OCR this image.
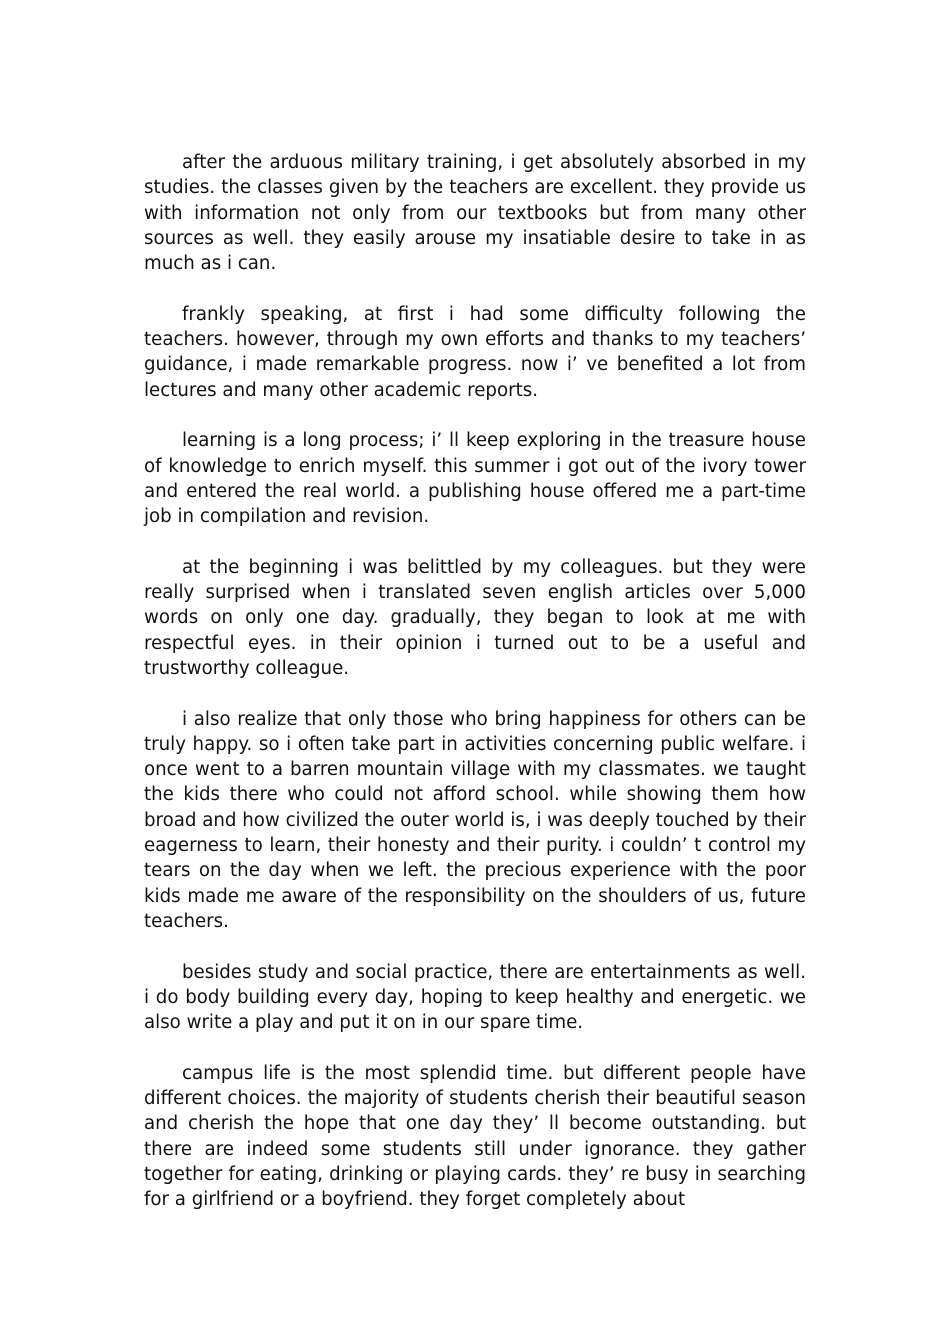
after the arduous military training, i get absolutely absorbed in my studies. the classes given by the teachers are excellent. they provide us with information not only from our textbooks but from many other sources as well. they easily arouse my insatiable desire to take in as much as i can.

frankly speaking, at first i had some difficulty following the teachers. however, through my own efforts and thanks to my teachers’ guidance, i made remarkable progress. now i’ ve benefited a lot from lectures and many other academic reports.

learning is a long process; i’ ll keep exploring in the treasure house of knowledge to enrich myself. this summer i got out of the ivory tower and entered the real world. a publishing house offered me a part-time job in compilation and revision.

at the beginning i was belittled by my colleagues. but they were really surprised when i translated seven english articles over 5,000 words on only one day. gradually, they began to look at me with respectful eyes. in their opinion i turned out to be a useful and trustworthy colleague.

i also realize that only those who bring happiness for others can be truly happy. so i often take part in activities concerning public welfare. i once went to a barren mountain village with my classmates. we taught the kids there who could not afford school. while showing them how broad and how civilized the outer world is, i was deeply touched by their eagerness to learn, their honesty and their purity. i couldn’ t control my tears on the day when we left. the precious experience with the poor kids made me aware of the responsibility on the shoulders of us, future teachers.

besides study and social practice, there are entertainments as well. i do body building every day, hoping to keep healthy and energetic. we also write a play and put it on in our spare time.

campus life is the most splendid time. but different people have different choices. the majority of students cherish their beautiful season and cherish the hope that one day they’ ll become outstanding. but there are indeed some students still under ignorance. they gather together for eating, drinking or playing cards. they’ re busy in searching for a girlfriend or a boyfriend. they forget completely about
